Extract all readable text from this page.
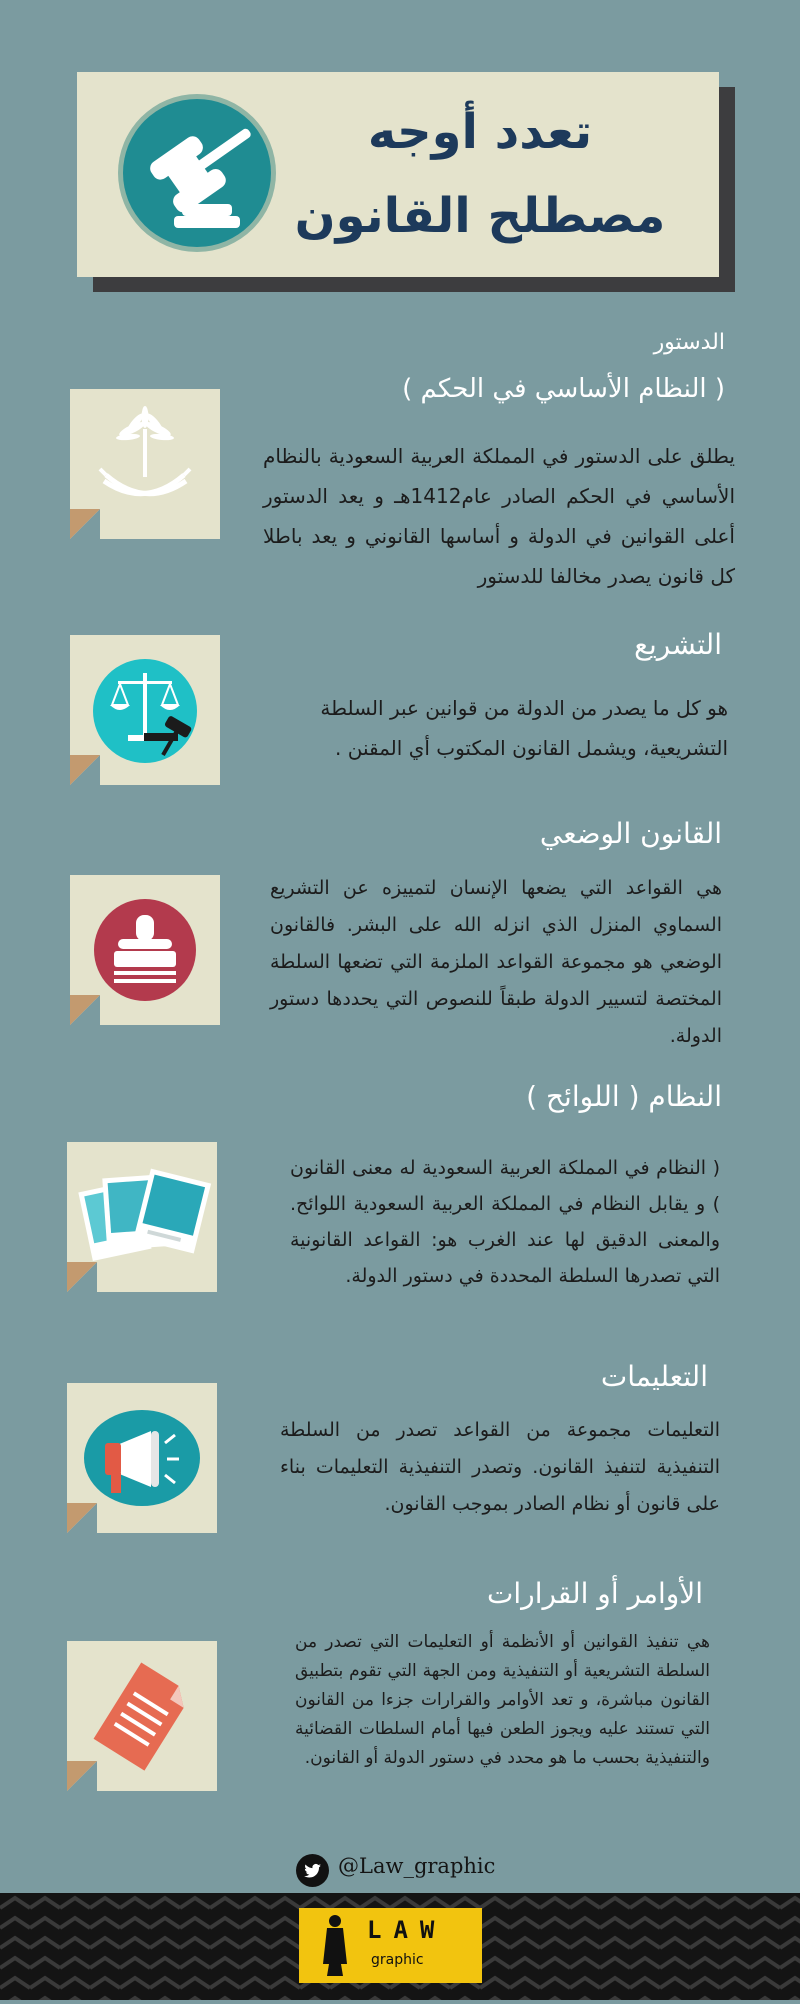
تعدد أوجه
مصطلح القانون
الدستور
( النظام الأساسي في الحكم )
يطلق على الدستور في المملكة العربية السعودية بالنظام الأساسي في الحكم الصادر عام1412هـ و يعد الدستور أعلى القوانين في الدولة و أساسها القانوني و يعد باطلا كل قانون يصدر مخالفا للدستور
التشريع
هو كل ما يصدر من الدولة من قوانين عبر السلطة التشريعية، ويشمل القانون المكتوب أي المقنن .
القانون الوضعي
هي القواعد التي يضعها الإنسان لتمييزه عن التشريع السماوي المنزل الذي انزله الله على البشر. فالقانون الوضعي هو مجموعة القواعد الملزمة التي تضعها السلطة المختصة لتسيير الدولة طبقاً للنصوص التي يحددها دستور الدولة.
النظام ( اللوائح )
( النظام في المملكة العربية السعودية له معنى القانون ) و يقابل النظام في المملكة العربية السعودية اللوائح. والمعنى الدقيق لها عند الغرب هو: القواعد القانونية التي تصدرها السلطة المحددة في دستور الدولة.
التعليمات
التعليمات مجموعة من القواعد تصدر من السلطة التنفيذية لتنفيذ القانون. وتصدر التنفيذية التعليمات بناء على قانون أو نظام الصادر بموجب القانون.
الأوامر أو القرارات
هي تنفيذ القوانين أو الأنظمة أو التعليمات التي تصدر من السلطة التشريعية أو التنفيذية ومن الجهة التي تقوم بتطبيق القانون مباشرة، و تعد الأوامر والقرارات جزءا من القانون التي تستند عليه ويجوز الطعن فيها أمام السلطات القضائية والتنفيذية بحسب ما هو محدد في دستور الدولة أو القانون.
@Law_graphic
LAW
graphic
